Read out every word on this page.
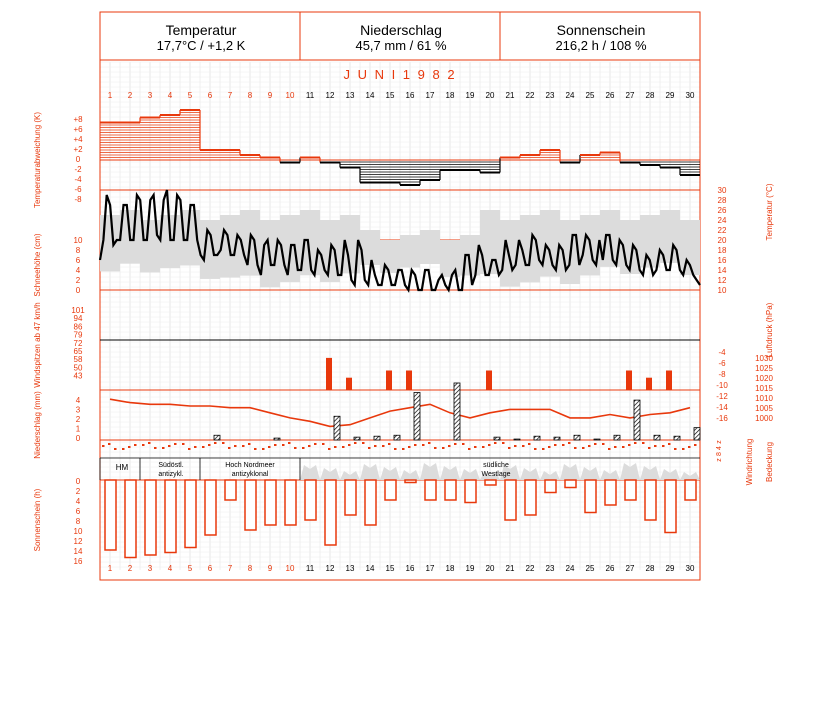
Temperatur
17,7°C / +1,2 K
Niederschlag
45,7 mm / 61 %
Sonnenschein
216,2 h / 108 %
J U N I 1 9 8 2
1 2 3 4 5 6 7 8 9 10 11 12 13 14 15 16 17 18 19 20 21 22 23 24 25 26 27 28 29 30
1 2 3 4 5 6 7 8 9 10 11 12 13 14 15 16 17 18 19 20 21 22 23 24 25 26 27 28 29 30
+8
+6
+4
+2
0
-2
-4
-6
-8
30
28
26
24
22
20
18
16
14
12
10
10
8
6
4
2
0
101
94
86
79
72
65
58
50
43
-4
-6
-8
-10
-12
-14
-16
1030
1025
1020
1015
1010
1005
1000
4
3
2
1
0
z
8
4
z
HM	Südöstl.
antizykl.
Hoch Nordmeer
antizyklonal
südliche
Westlage
0
2
4
6
8
10
12
14
16
Temperaturabweichung (K)
Schneehöhe (cm)
Windspitzen ab 47 km/h
Niederschlag (mm)
Sonnenschein (h)
Temperatur (°C)
Luftdruck (hPa)
Windrichtung Bedeckung
